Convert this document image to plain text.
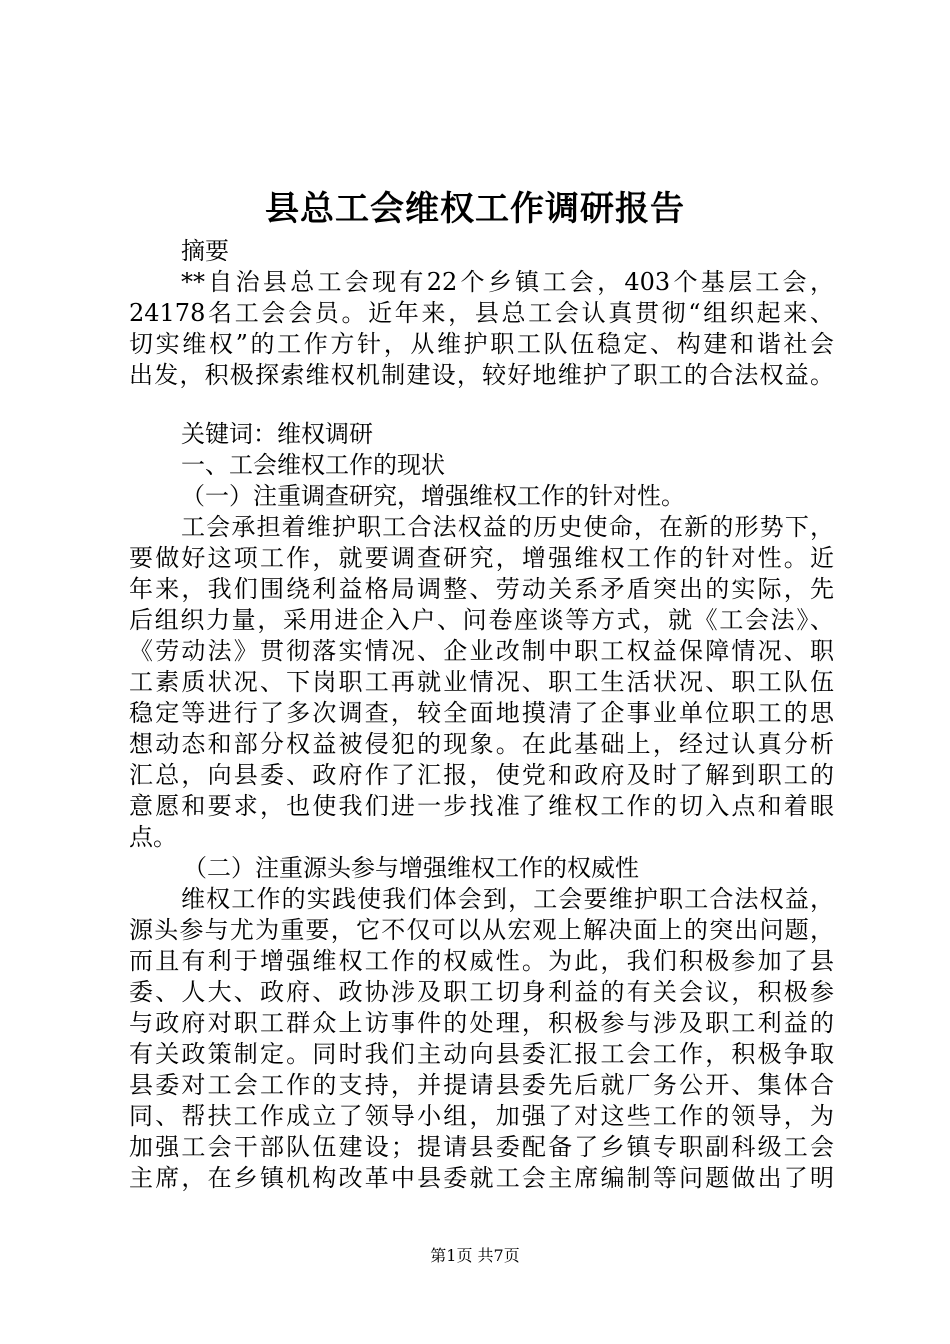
县总工会维权工作调研报告
摘要
**自治县总工会现有22个乡镇工会，403个基层工会，
24178名工会会员。近年来，县总工会认真贯彻“组织起来、
切实维权”的工作方针，从维护职工队伍稳定、构建和谐社会
出发，积极探索维权机制建设，较好地维护了职工的合法权益。
关键词：维权调研
一、工会维权工作的现状
（一）注重调查研究，增强维权工作的针对性。
工会承担着维护职工合法权益的历史使命，在新的形势下，
要做好这项工作，就要调查研究，增强维权工作的针对性。近
年来，我们围绕利益格局调整、劳动关系矛盾突出的实际，先
后组织力量，采用进企入户、问卷座谈等方式，就《工会法》、
《劳动法》贯彻落实情况、企业改制中职工权益保障情况、职
工素质状况、下岗职工再就业情况、职工生活状况、职工队伍
稳定等进行了多次调查，较全面地摸清了企事业单位职工的思
想动态和部分权益被侵犯的现象。在此基础上，经过认真分析
汇总，向县委、政府作了汇报，使党和政府及时了解到职工的
意愿和要求，也使我们进一步找准了维权工作的切入点和着眼
点。
（二）注重源头参与增强维权工作的权威性
维权工作的实践使我们体会到，工会要维护职工合法权益，
源头参与尤为重要，它不仅可以从宏观上解决面上的突出问题，
而且有利于增强维权工作的权威性。为此，我们积极参加了县
委、人大、政府、政协涉及职工切身利益的有关会议，积极参
与政府对职工群众上访事件的处理，积极参与涉及职工利益的
有关政策制定。同时我们主动向县委汇报工会工作，积极争取
县委对工会工作的支持，并提请县委先后就厂务公开、集体合
同、帮扶工作成立了领导小组，加强了对这些工作的领导，为
加强工会干部队伍建设；提请县委配备了乡镇专职副科级工会
主席，在乡镇机构改革中县委就工会主席编制等问题做出了明
第1页 共7页
